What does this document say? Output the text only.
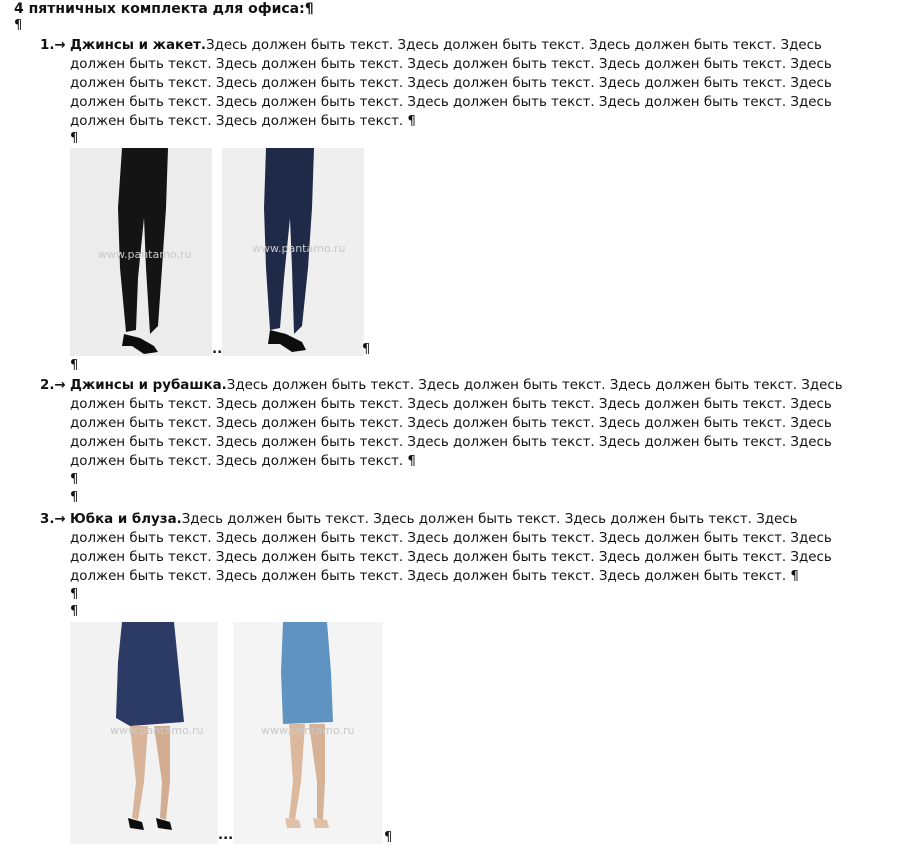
4 пятничных комплекта для офиса:¶
¶
1.→ Джинсы и жакет.Здесь должен быть текст. Здесь должен быть текст. Здесь должен быть текст. Здесь должен быть текст. Здесь должен быть текст. Здесь должен быть текст. Здесь должен быть текст. Здесь должен быть текст. Здесь должен быть текст. Здесь должен быть текст. Здесь должен быть текст. Здесь должен быть текст. Здесь должен быть текст. Здесь должен быть текст. Здесь должен быть текст. Здесь должен быть текст. Здесь должен быть текст. ¶
¶
www.pantamo.ru
..
www.pantamo.ru
¶
¶
2.→ Джинсы и рубашка.Здесь должен быть текст. Здесь должен быть текст. Здесь должен быть текст. Здесь должен быть текст. Здесь должен быть текст. Здесь должен быть текст. Здесь должен быть текст. Здесь должен быть текст. Здесь должен быть текст. Здесь должен быть текст. Здесь должен быть текст. Здесь должен быть текст. Здесь должен быть текст. Здесь должен быть текст. Здесь должен быть текст. Здесь должен быть текст. Здесь должен быть текст. ¶
¶
¶
3.→ Юбка и блуза.Здесь должен быть текст. Здесь должен быть текст. Здесь должен быть текст. Здесь должен быть текст. Здесь должен быть текст. Здесь должен быть текст. Здесь должен быть текст. Здесь должен быть текст. Здесь должен быть текст. Здесь должен быть текст. Здесь должен быть текст. Здесь должен быть текст. Здесь должен быть текст. Здесь должен быть текст. Здесь должен быть текст. ¶
¶
¶
www.pantamo.ru
...
www.pantamo.ru
¶
